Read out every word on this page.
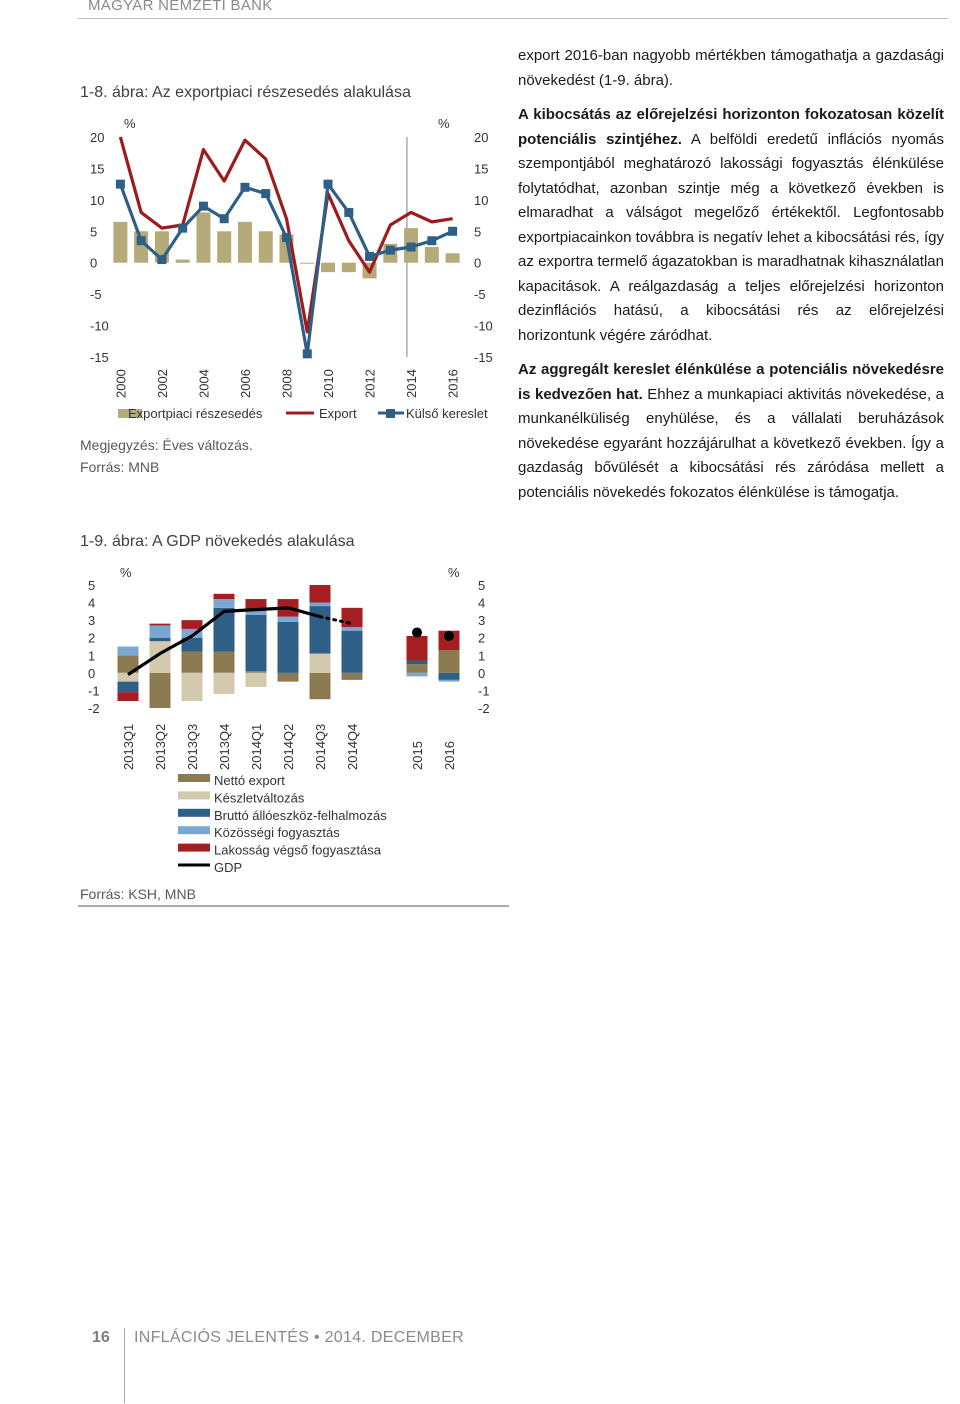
MAGYAR NEMZETI BANK
1-8. ábra: Az exportpiaci részesedés alakulása
%	%
20	20
15	15
10	10
5	5
0	0
-5	-5
-10	-10
-15	-15
2000 2002 2004 2006 2008 2010 2012 2014 2016
Exportpiaci részesedés	Export	Külső kereslet
Megjegyzés: Éves változás.
Forrás: MNB
1-9. ábra: A GDP növekedés alakulása
%	%
5	5
4	4
3	3
2	2
1	1
0	0
-1	-1
-2	-2
2013Q1 2013Q2 2013Q3 2013Q4 2014Q1 2014Q2 2014Q3 2014Q4	2015 2016
Nettó export
Készletváltozás
Bruttó állóeszköz-felhalmozás
Közösségi fogyasztás
Lakosság végső fogyasztása
GDP
Forrás: KSH, MNB

export 2016-ban nagyobb mértékben támogathatja a gazdasági növekedést (1-9. ábra).

A kibocsátás az előrejelzési horizonton fokozatosan közelít potenciális szintjéhez. A belföldi eredetű inflációs nyomás szempontjából meghatározó lakossági fogyasztás élénkülése folytatódhat, azonban szintje még a következő években is elmaradhat a válságot megelőző értékektől. Legfontosabb exportpiacainkon továbbra is negatív lehet a kibocsátási rés, így az exportra termelő ágazatokban is maradhatnak kihasználatlan kapacitások. A reálgazdaság a teljes előrejelzési horizonton dezinflációs hatású, a kibocsátási rés az előrejelzési horizontunk végére záródhat.

Az aggregált kereslet élénkülése a potenciális növekedésre is kedvezően hat. Ehhez a munkapiaci aktivitás növekedése, a munkanélküliség enyhülése, és a vállalati beruházások növekedése egyaránt hozzájárulhat a következő években. Így a gazdaság bővülését a kibocsátási rés záródása mellett a potenciális növekedés fokozatos élénkülése is támogatja.

16 INFLÁCIÓS JELENTÉS • 2014. DECEMBER
